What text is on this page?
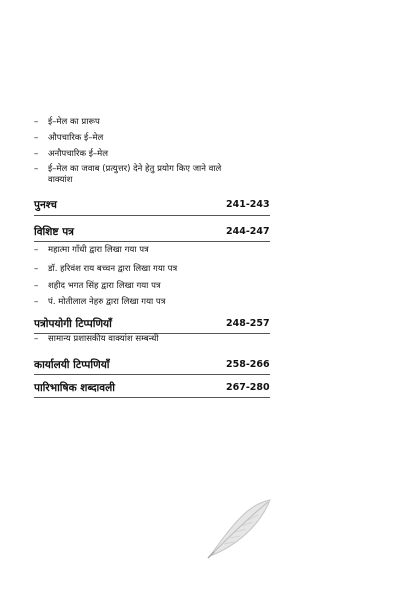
– ई–मेल का प्रारूप
– औपचारिक ई–मेल
– अनौपचारिक ई–मेल
– ई–मेल का जवाब (प्रत्युत्तर) देने हेतु प्रयोग किए जाने वाले वाक्यांश
पुनश्च	241-243
विशिष्ट पत्र	244-247
– महात्मा गाँधी द्वारा लिखा गया पत्र
– डॉ. हरिवंश राय बच्चन द्वारा लिखा गया पत्र
– शहीद भगत सिंह द्वारा लिखा गया पत्र
– पं. मोतीलाल नेहरु द्वारा लिखा गया पत्र
पत्रोपयोगी टिप्पणियाँ	248-257
– सामान्य प्रशासकीय वाक्यांश सम्बन्धी
कार्यालयी टिप्पणियाँ	258-266
पारिभाषिक शब्दावली	267-280
